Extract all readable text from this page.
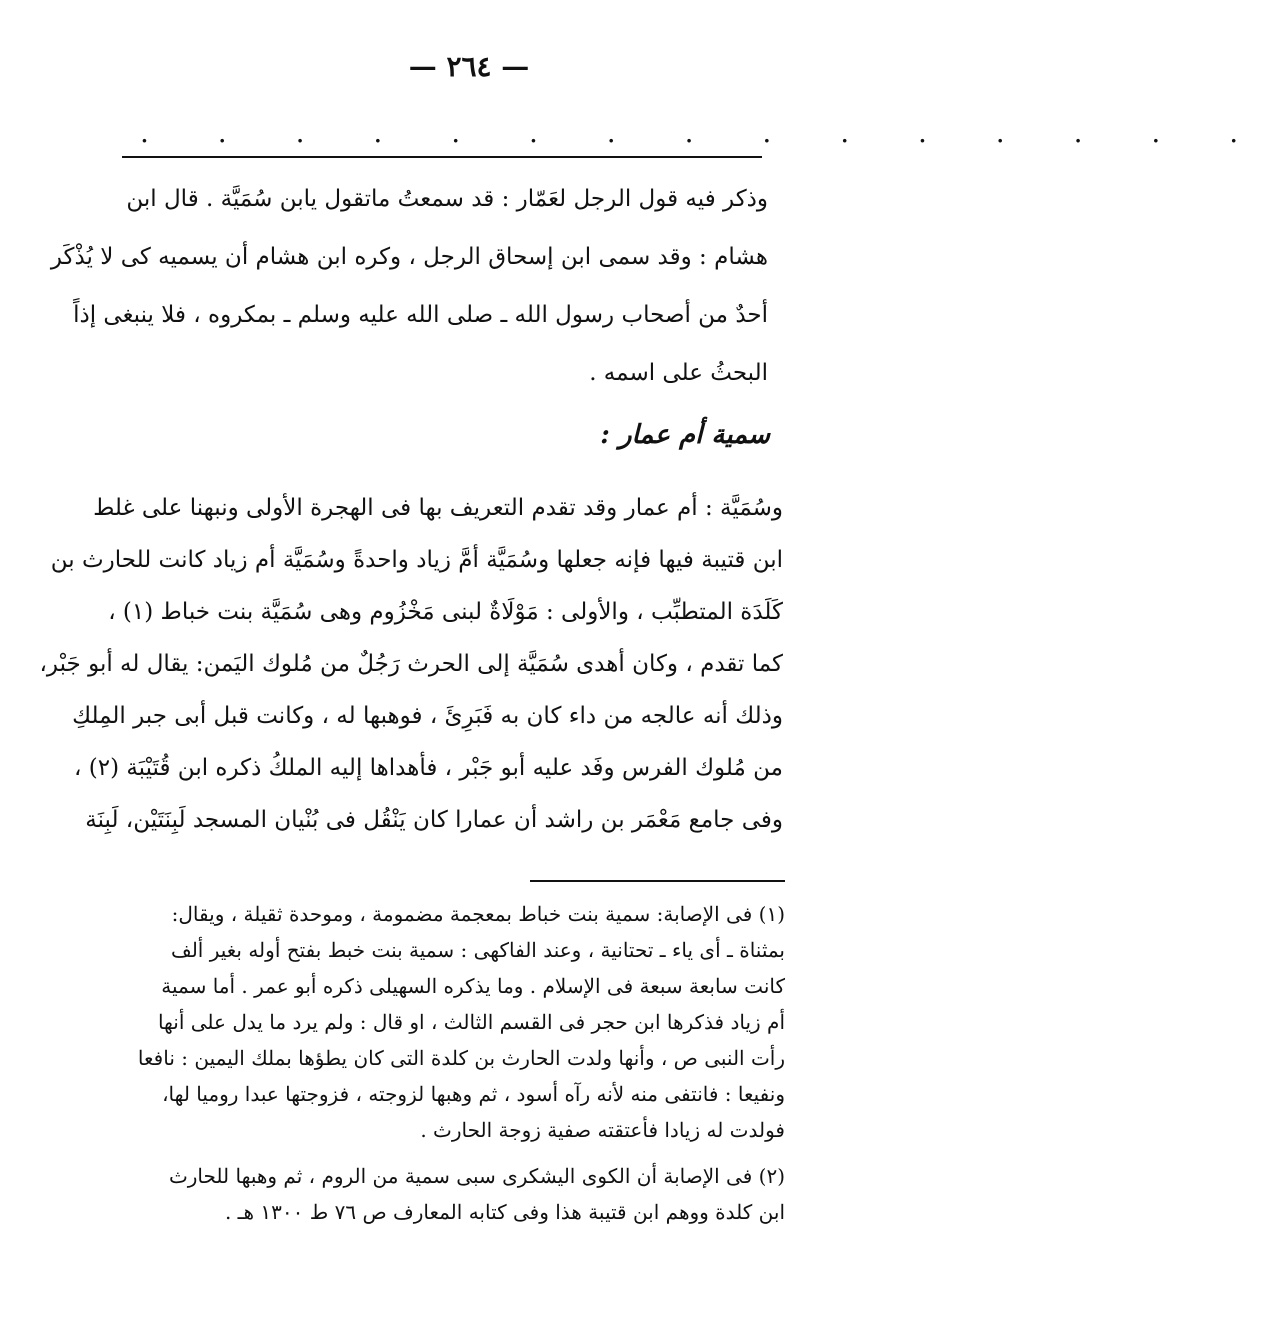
— ٢٦٤ —
. . . . . . . . . . . . . . .
وذكر فيه قول الرجل لعَمّار : قد سمعتُ ماتقول يابن سُمَيَّة . قال ابن
هشام : وقد سمى ابن إسحاق الرجل ، وكره ابن هشام أن يسميه كى لا يُذْكَر
أحدٌ من أصحاب رسول الله ـ صلى الله عليه وسلم ـ بمكروه ، فلا ينبغى إذاً
البحثُ على اسمه .
سمية أم عمار :
وسُمَيَّة : أم عمار وقد تقدم التعريف بها فى الهجرة الأولى ونبهنا على غلط
ابن قتيبة فيها فإنه جعلها وسُمَيَّة أمَّ زياد واحدةً وسُمَيَّة أم زياد كانت للحارث بن
كَلَدَة المتطبِّب ، والأولى : مَوْلَاةٌ لبنى مَخْزُوم وهى سُمَيَّة بنت خباط (١) ،
كما تقدم ، وكان أهدى سُمَيَّة إلى الحرث رَجُلٌ من مُلوك اليَمن: يقال له أبو جَبْر،
وذلك أنه عالجه من داء كان به فَبَرِئَ ، فوهبها له ، وكانت قبل أبى جبر المِلكِ
من مُلوك الفرس وفَد عليه أبو جَبْر ، فأهداها إليه الملكُ ذكره ابن قُتَيْبَة (٢) ،
وفى جامع مَعْمَر بن راشد أن عمارا كان يَنْقُل فى بُنْيان المسجد لَبِنَتَيْن، لَبِنَة
(١) فى الإصابة: سمية بنت خباط بمعجمة مضمومة ، وموحدة ثقيلة ، ويقال:
بمثناة ـ أى ياء ـ تحتانية ، وعند الفاكهى : سمية بنت خبط بفتح أوله بغير ألف
كانت سابعة سبعة فى الإسلام . وما يذكره السهيلى ذكره أبو عمر . أما سمية
أم زياد فذكرها ابن حجر فى القسم الثالث ، او قال : ولم يرد ما يدل على أنها
رأت النبى ص ، وأنها ولدت الحارث بن كلدة التى كان يطؤها بملك اليمين : نافعا
ونفيعا : فانتفى منه لأنه رآه أسود ، ثم وهبها لزوجته ، فزوجتها عبدا روميا لها،
فولدت له زيادا فأعتقته صفية زوجة الحارث .
(٢) فى الإصابة أن الكوى اليشكرى سبى سمية من الروم ، ثم وهبها للحارث
ابن كلدة ووهم ابن قتيبة هذا وفى كتابه المعارف ص ٧٦ ط ١٣٠٠ هـ .
